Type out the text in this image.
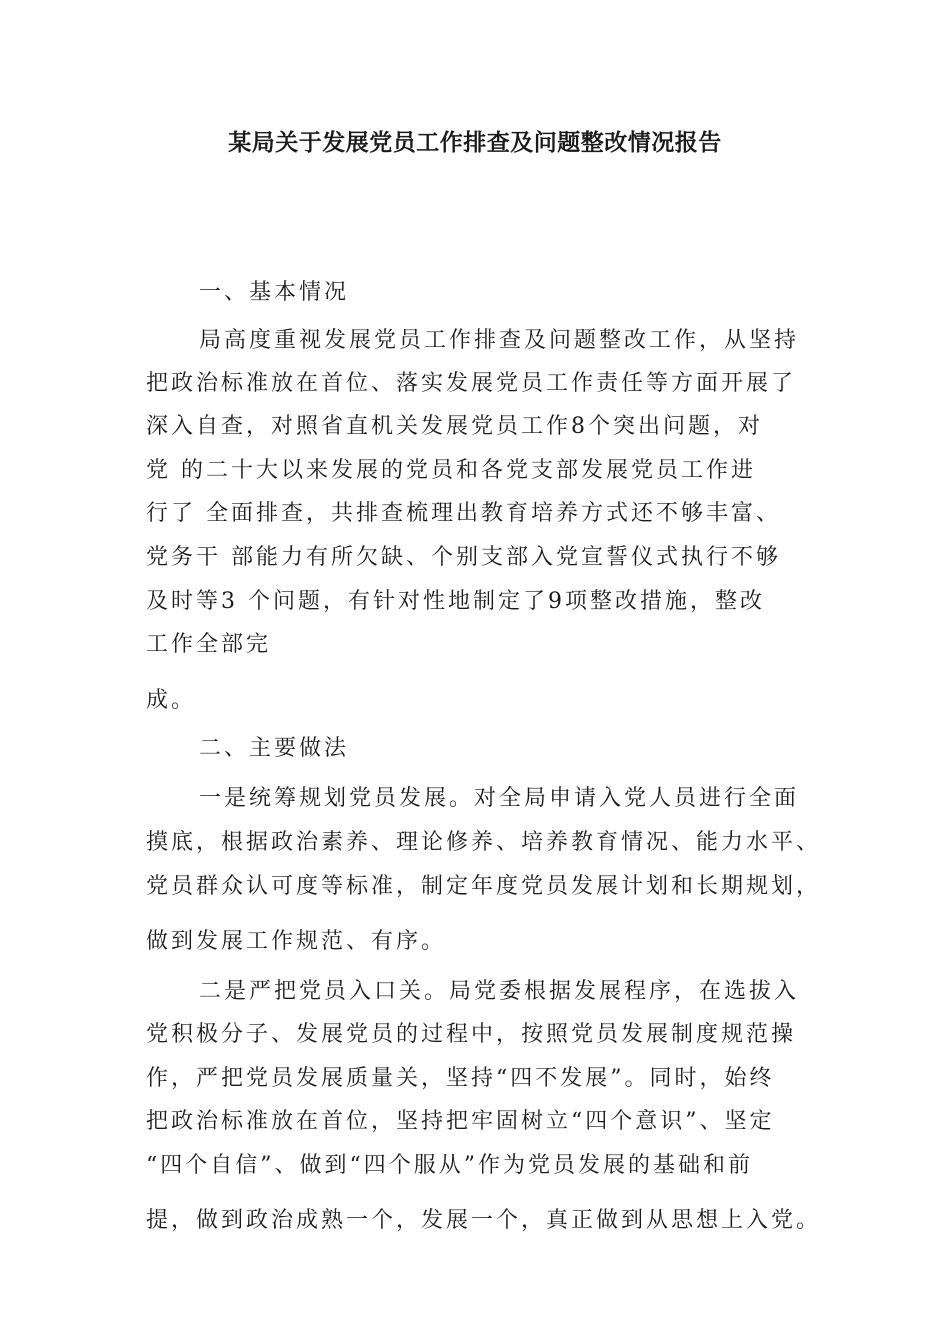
某局关于发展党员工作排查及问题整改情况报告
一、基本情况
局高度重视发展党员工作排查及问题整改工作，从坚持
把政治标准放在首位、落实发展党员工作责任等方面开展了
深入自查，对照省直机关发展党员工作8个突出问题，对
党 的二十大以来发展的党员和各党支部发展党员工作进
行了 全面排查，共排查梳理出教育培养方式还不够丰富、
党务干 部能力有所欠缺、个别支部入党宣誓仪式执行不够
及时等3 个问题，有针对性地制定了9项整改措施，整改
工作全部完
成。
二、主要做法
一是统筹规划党员发展。对全局申请入党人员进行全面
摸底，根据政治素养、理论修养、培养教育情况、能力水平、
党员群众认可度等标准，制定年度党员发展计划和长期规划，
做到发展工作规范、有序。
二是严把党员入口关。局党委根据发展程序，在选拔入
党积极分子、发展党员的过程中，按照党员发展制度规范操
作，严把党员发展质量关，坚持“四不发展”。同时，始终
把政治标准放在首位，坚持把牢固树立“四个意识”、坚定
“四个自信”、做到“四个服从”作为党员发展的基础和前
提，做到政治成熟一个，发展一个，真正做到从思想上入党。
